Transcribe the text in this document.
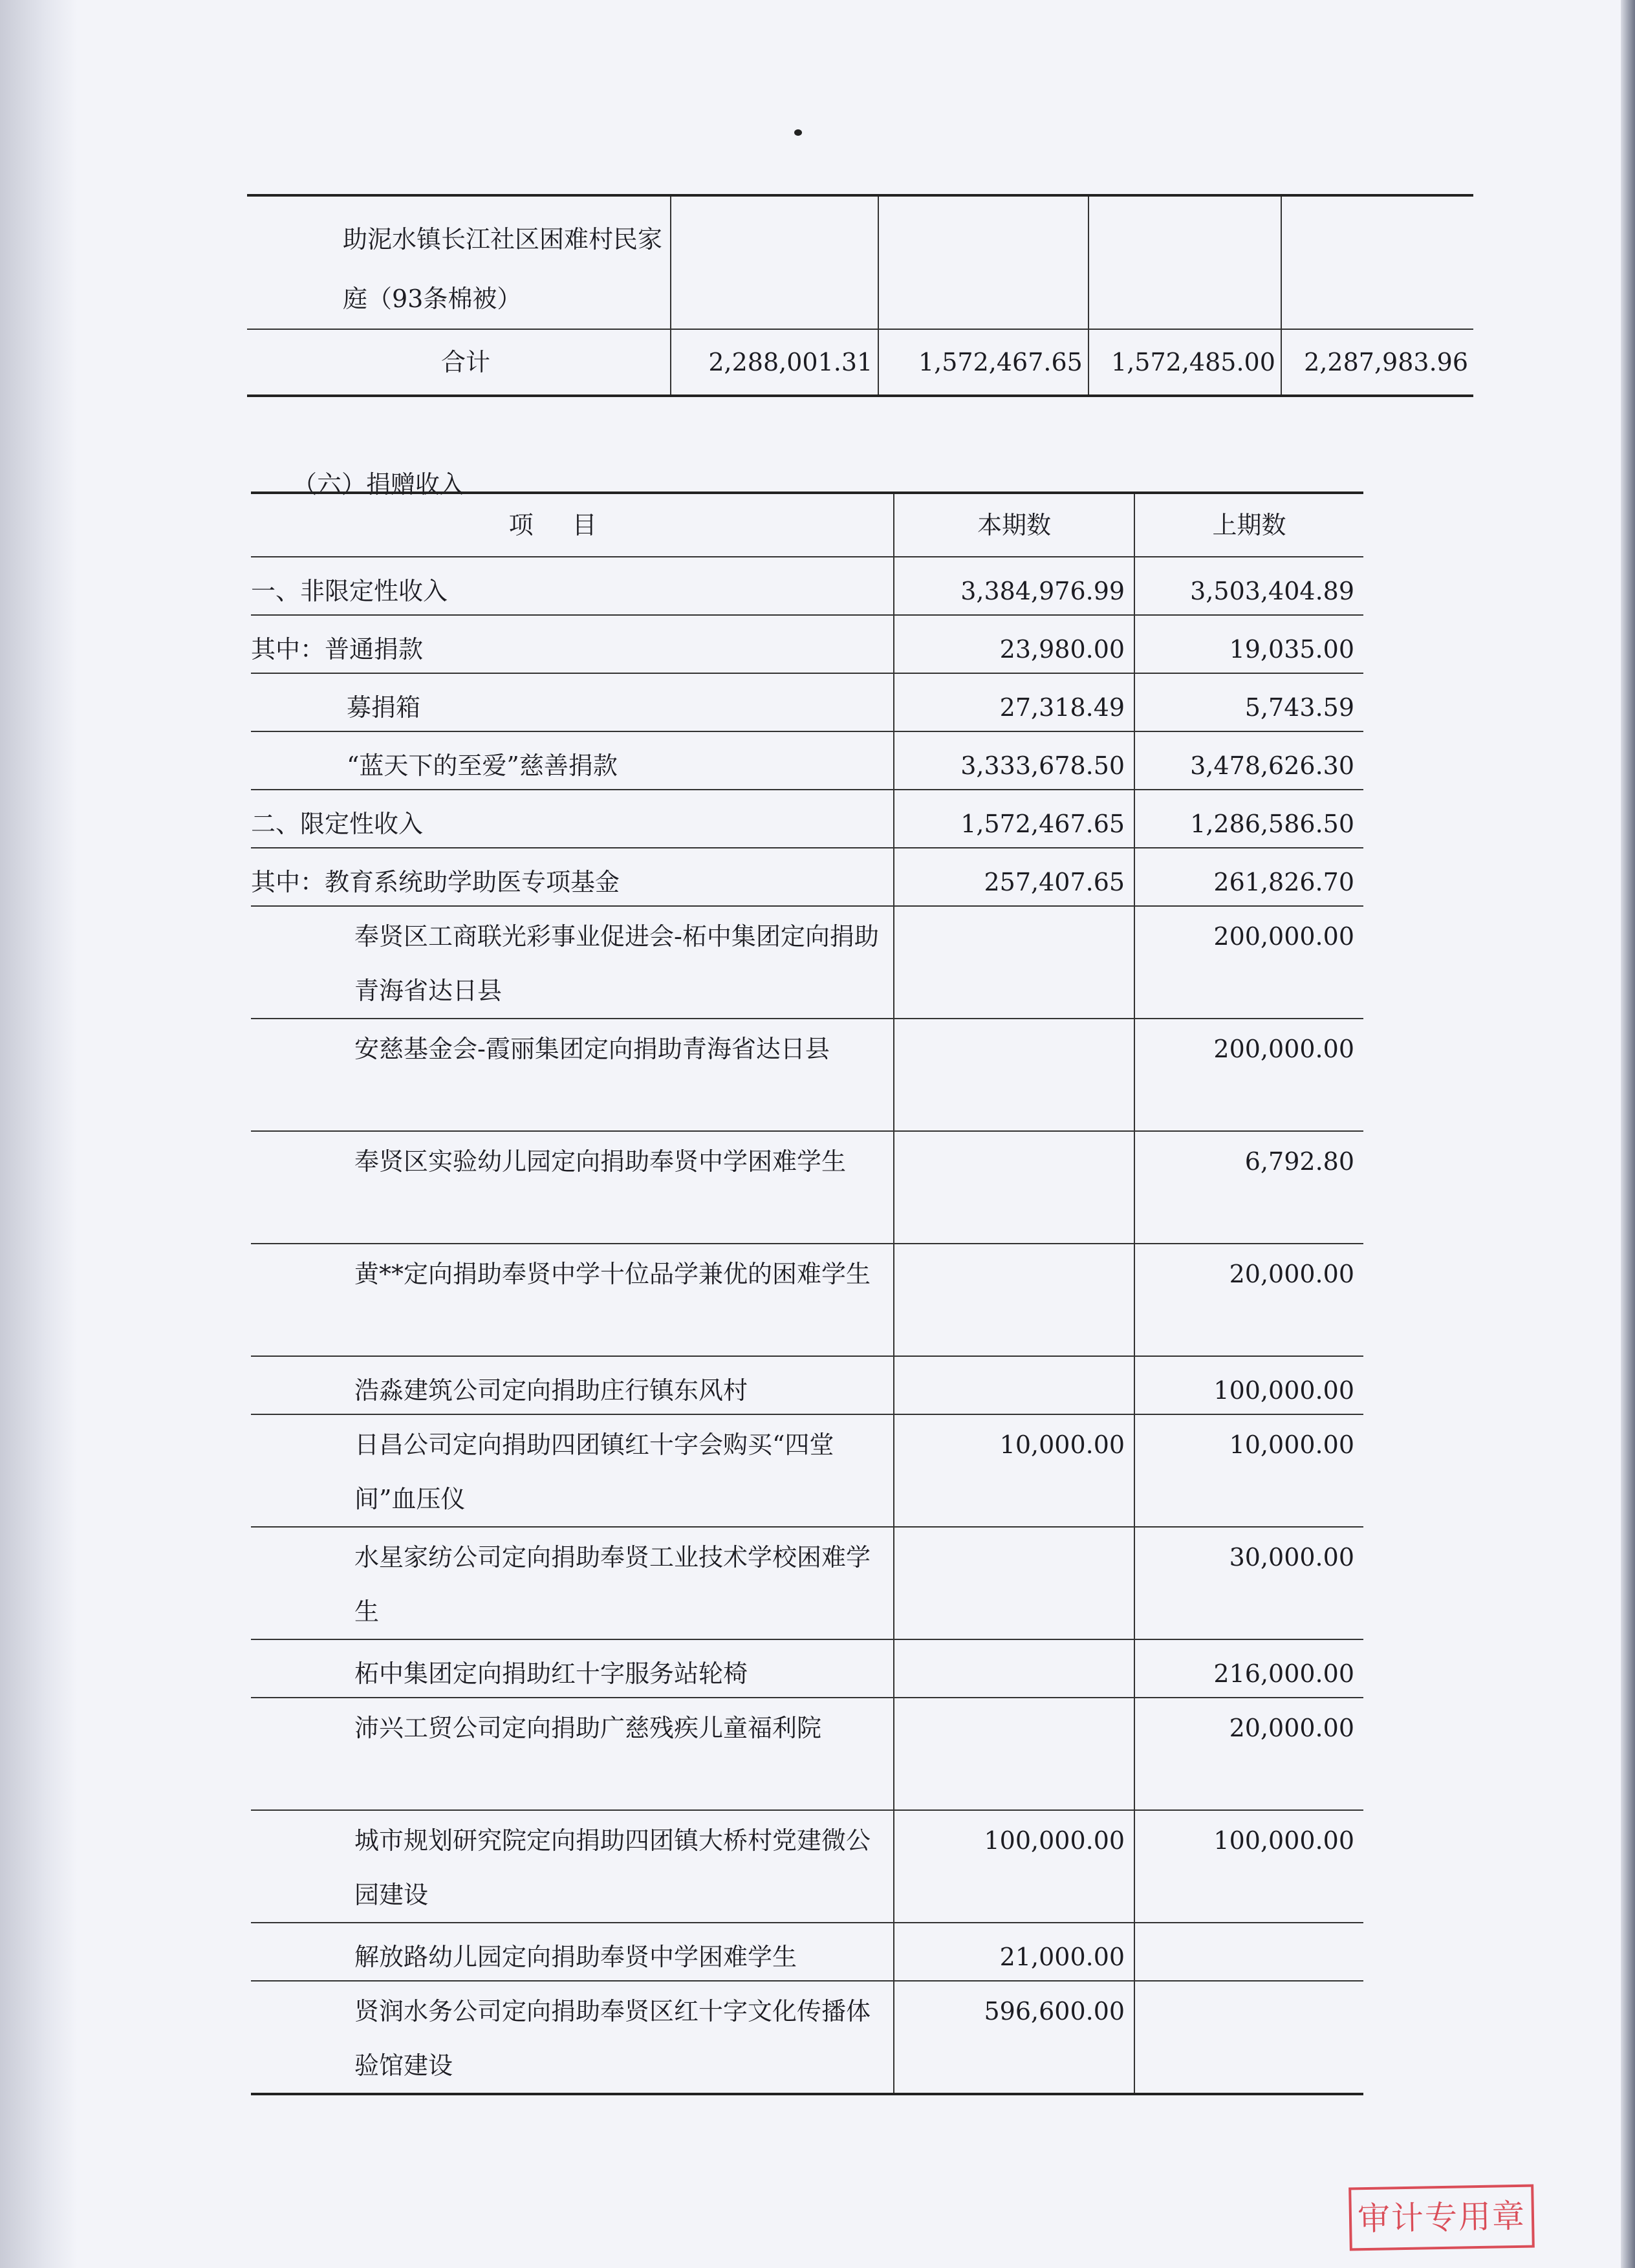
助泥水镇长江社区困难村民家庭（93条棉被）				
合计	2,288,001.31	1,572,467.65	1,572,485.00	2,287,983.96
（六）捐赠收入
项目	本期数	上期数
一、非限定性收入	3,384,976.99	3,503,404.89
其中：普通捐款	23,980.00	19,035.00
募捐箱	27,318.49	5,743.59
“蓝天下的至爱”慈善捐款	3,333,678.50	3,478,626.30
二、限定性收入	1,572,467.65	1,286,586.50
其中：教育系统助学助医专项基金	257,407.65	261,826.70
奉贤区工商联光彩事业促进会-柘中集团定向捐助青海省达日县		200,000.00
安慈基金会-霞丽集团定向捐助青海省达日县		200,000.00
奉贤区实验幼儿园定向捐助奉贤中学困难学生		6,792.80
黄**定向捐助奉贤中学十位品学兼优的困难学生		20,000.00
浩淼建筑公司定向捐助庄行镇东风村		100,000.00
日昌公司定向捐助四团镇红十字会购买“四堂间”血压仪	10,000.00	10,000.00
水星家纺公司定向捐助奉贤工业技术学校困难学生		30,000.00
柘中集团定向捐助红十字服务站轮椅		216,000.00
沛兴工贸公司定向捐助广慈残疾儿童福利院		20,000.00
城市规划研究院定向捐助四团镇大桥村党建微公园建设	100,000.00	100,000.00
解放路幼儿园定向捐助奉贤中学困难学生	21,000.00	
贤润水务公司定向捐助奉贤区红十字文化传播体验馆建设	596,600.00	
审计专用章
